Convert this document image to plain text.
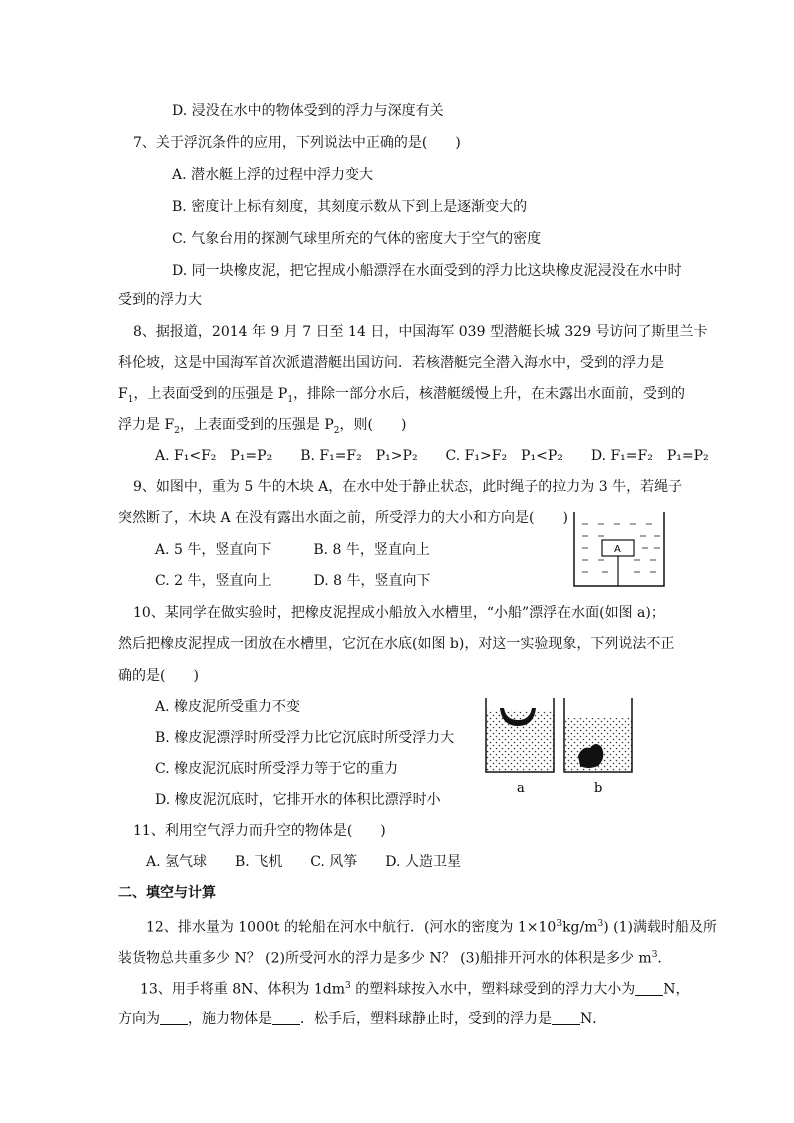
D. 浸没在水中的物体受到的浮力与深度有关
7、关于浮沉条件的应用，下列说法中正确的是(　　)
A. 潜水艇上浮的过程中浮力变大
B. 密度计上标有刻度，其刻度示数从下到上是逐渐变大的
C. 气象台用的探测气球里所充的气体的密度大于空气的密度
D. 同一块橡皮泥，把它捏成小船漂浮在水面受到的浮力比这块橡皮泥浸没在水中时
受到的浮力大
8、据报道，2014 年 9 月 7 日至 14 日，中国海军 039 型潜艇长城 329 号访问了斯里兰卡
科伦坡，这是中国海军首次派遣潜艇出国访问．若核潜艇完全潜入海水中，受到的浮力是
$F_1$，上表面受到的压强是 $P_1$，排除一部分水后，核潜艇缓慢上升，在未露出水面前，受到的
浮力是 $F_2$，上表面受到的压强是 $P_2$，则(　　)
A. F₁<F₂　P₁=P₂　　B. F₁=F₂　P₁>P₂　　C. F₁>F₂　P₁<P₂　　D. F₁=F₂　P₁=P₂
9、如图中，重为 5 牛的木块 A，在水中处于静止状态，此时绳子的拉力为 3 牛，若绳子
突然断了，木块 A 在没有露出水面之前，所受浮力的大小和方向是(　　)
A. 5 牛，竖直向下　　　B. 8 牛，竖直向上
C. 2 牛，竖直向上　　　D. 8 牛，竖直向下
A
10、某同学在做实验时，把橡皮泥捏成小船放入水槽里，“小船”漂浮在水面(如图 a)；
然后把橡皮泥捏成一团放在水槽里，它沉在水底(如图 b)，对这一实验现象，下列说法不正
确的是(　　)
A. 橡皮泥所受重力不变
B. 橡皮泥漂浮时所受浮力比它沉底时所受浮力大
C. 橡皮泥沉底时所受浮力等于它的重力
D. 橡皮泥沉底时，它排开水的体积比漂浮时小
a	b
11、利用空气浮力而升空的物体是(　　)
A. 氢气球　　B. 飞机　　C. 风筝　　D. 人造卫星
二、填空与计算
12、排水量为 1000t 的轮船在河水中航行．(河水的密度为 $1\times 10^3kg/m^3$) (1)满载时船及所
装货物总共重多少 N？ (2)所受河水的浮力是多少 N？ (3)船排开河水的体积是多少 $m^3$．
13、用手将重 8N、体积为 $1dm^3$ 的塑料球按入水中，塑料球受到的浮力大小为 N，
方向为 ，施力物体是 ．松手后，塑料球静止时，受到的浮力是 N．
